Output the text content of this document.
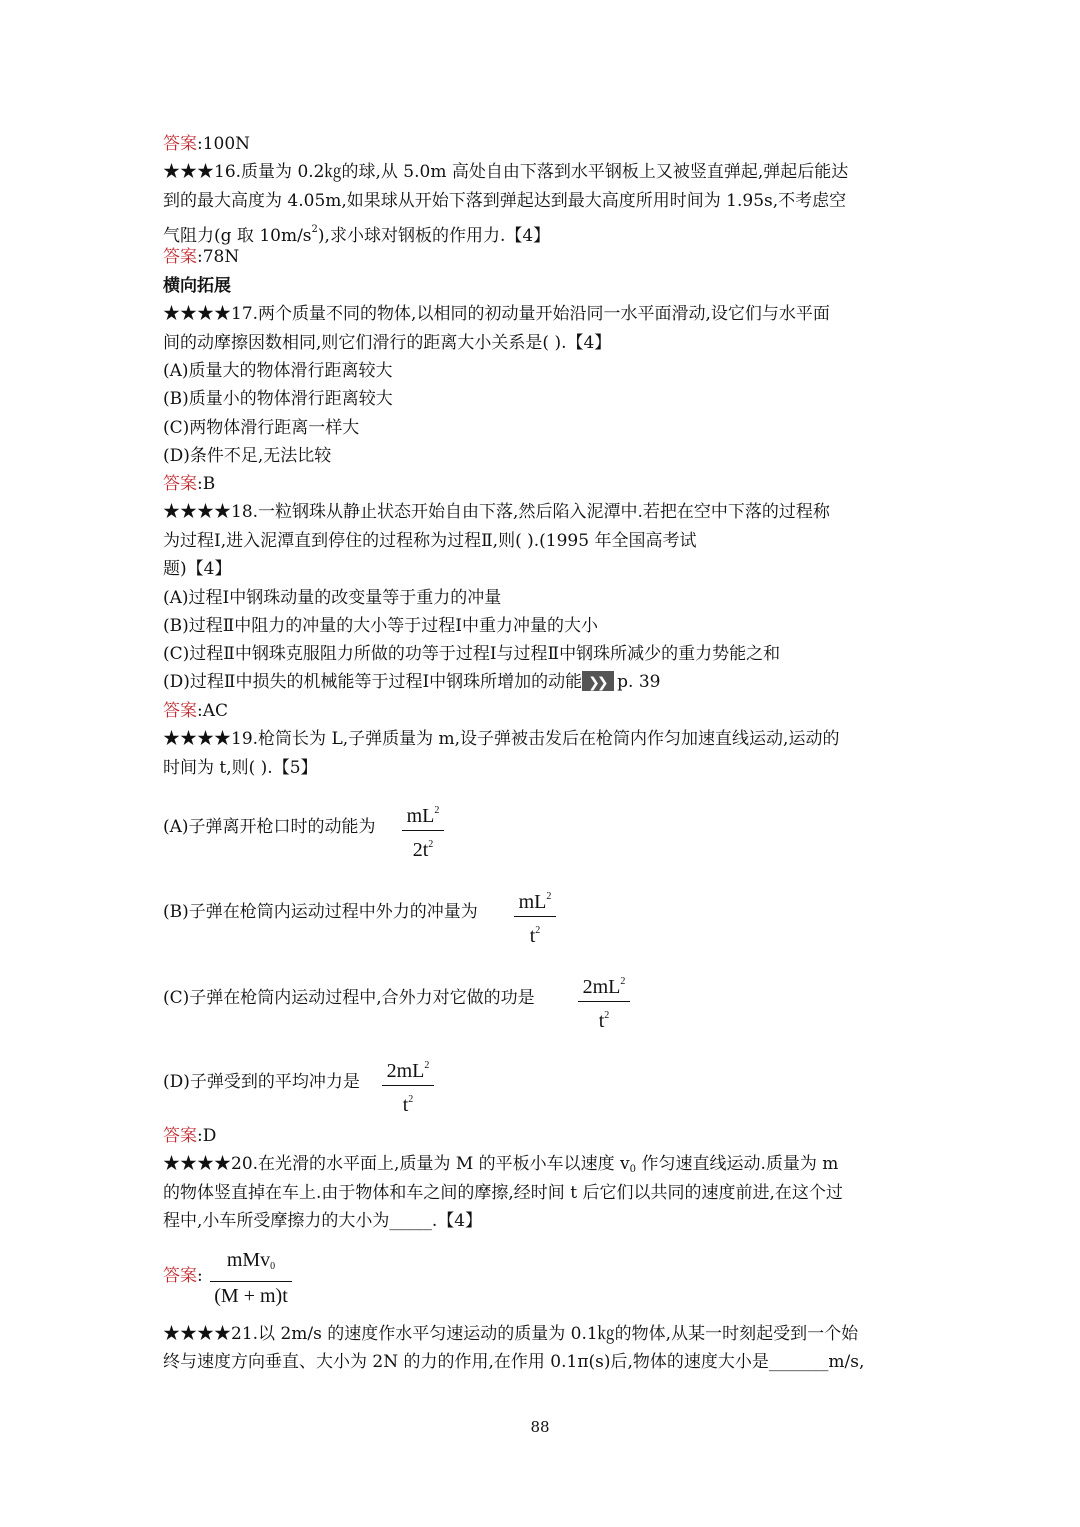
答案:100N
★★★16.质量为 0.2㎏的球,从 5.0m 高处自由下落到水平钢板上又被竖直弹起,弹起后能达
到的最大高度为 4.05m,如果球从开始下落到弹起达到最大高度所用时间为 1.95s,不考虑空
气阻力(g 取 $10m/s^2$),求小球对钢板的作用力.【4】
答案:78N
横向拓展
★★★★17.两个质量不同的物体,以相同的初动量开始沿同一水平面滑动,设它们与水平面
间的动摩擦因数相同,则它们滑行的距离大小关系是( ).【4】
(A)质量大的物体滑行距离较大
(B)质量小的物体滑行距离较大
(C)两物体滑行距离一样大
(D)条件不足,无法比较
答案:B
★★★★18.一粒钢珠从静止状态开始自由下落,然后陷入泥潭中.若把在空中下落的过程称
为过程Ⅰ,进入泥潭直到停住的过程称为过程Ⅱ,则( ).(1995 年全国高考试
题)【4】
(A)过程Ⅰ中钢珠动量的改变量等于重力的冲量
(B)过程Ⅱ中阻力的冲量的大小等于过程Ⅰ中重力冲量的大小
(C)过程Ⅱ中钢珠克服阻力所做的功等于过程Ⅰ与过程Ⅱ中钢珠所减少的重力势能之和
(D)过程Ⅱ中损失的机械能等于过程Ⅰ中钢珠所增加的动能❯❯ p. 39
答案:AC
★★★★19.枪筒长为 L,子弹质量为 m,设子弹被击发后在枪筒内作匀加速直线运动,运动的
时间为 t,则( ).【5】
(A)子弹离开枪口时的动能为 $mL^2$
$2t^2$
(B)子弹在枪筒内运动过程中外力的冲量为 $mL^2$
$t^2$
(C)子弹在枪筒内运动过程中,合外力对它做的功是 $2mL^2$
$t^2$
(D)子弹受到的平均冲力是 $2mL^2$
$t^2$
答案:D
★★★★20.在光滑的水平面上,质量为 M 的平板小车以速度 $v_0$ 作匀速直线运动.质量为 m
的物体竖直掉在车上.由于物体和车之间的摩擦,经时间 t 后它们以共同的速度前进,在这个过
程中,小车所受摩擦力的大小为_____.【4】
答案:
mMv$_0$
(M + m)t
★★★★21.以 2m/s 的速度作水平匀速运动的质量为 0.1㎏的物体,从某一时刻起受到一个始
终与速度方向垂直、大小为 2N 的力的作用,在作用 0.1π(s)后,物体的速度大小是_______m/s,
88
